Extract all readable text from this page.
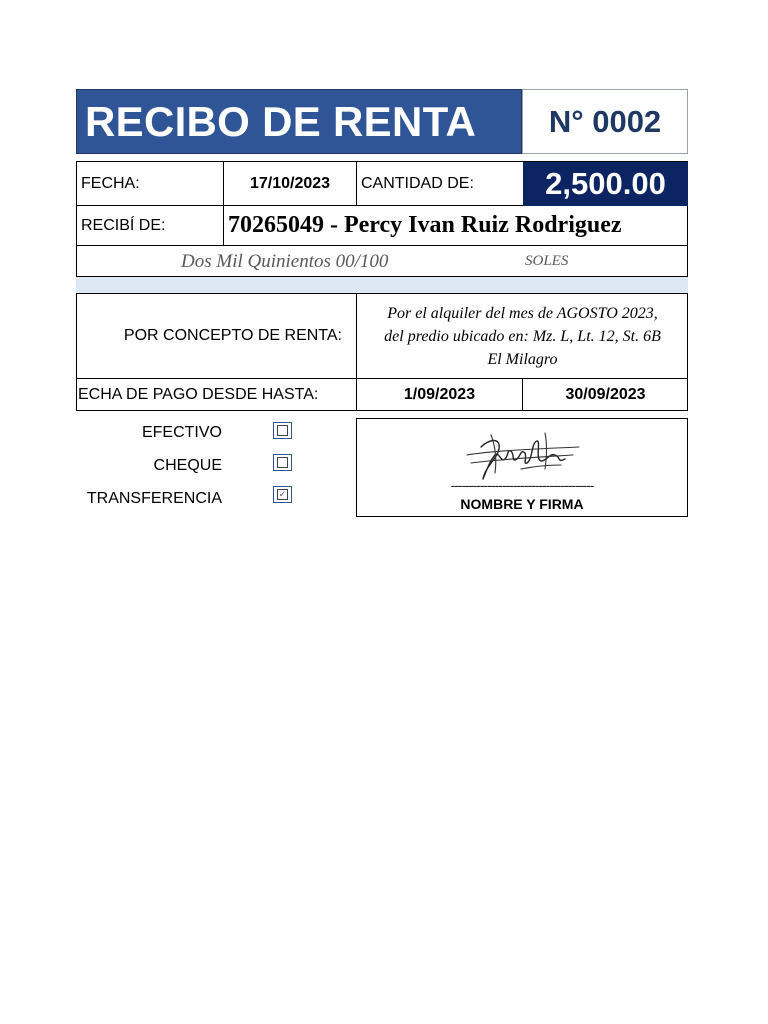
RECIBO DE RENTA	N° 0002
FECHA:	17/10/2023	CANTIDAD DE:	2,500.00
RECIBÍ DE:	70265049 - Percy Ivan Ruiz Rodriguez
Dos Mil Quinientos 00/100	SOLES
POR CONCEPTO DE RENTA:
Por el alquiler del mes de AGOSTO 2023,
del predio ubicado en: Mz. L, Lt. 12, St. 6B
El Milagro
ECHA DE PAGO DESDE HASTA:	1/09/2023	30/09/2023
EFECTIVO
CHEQUE
TRANSFERENCIA	✓
---------------------------------------
NOMBRE Y FIRMA
